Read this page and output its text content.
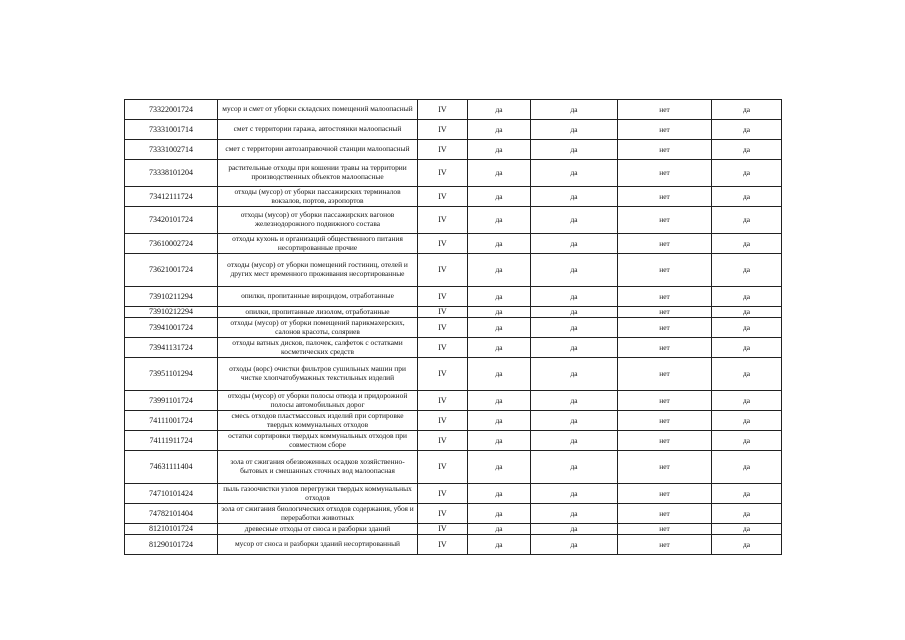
73322001724	мусор и смет от уборки складских помещений малоопасный	IV	да	да	нет	да
73331001714	смет с территории гаража, автостоянки малоопасный	IV	да	да	нет	да
73331002714	смет с территории автозаправочной станции малоопасный	IV	да	да	нет	да
73338101204	растительные отходы при кошении травы на территории производственных объектов малоопасные	IV	да	да	нет	да
73412111724	отходы (мусор) от уборки пассажирских терминалов вокзалов, портов, аэропортов	IV	да	да	нет	да
73420101724	отходы (мусор) от уборки пассажирских вагонов железнодорожного подвижного состава	IV	да	да	нет	да
73610002724	отходы кухонь и организаций общественного питания несортированные прочие	IV	да	да	нет	да
73621001724	отходы (мусор) от уборки помещений гостиниц, отелей и других мест временного проживания несортированные	IV	да	да	нет	да
73910211294	опилки, пропитанные вироцидом, отработанные	IV	да	да	нет	да
73910212294	опилки, пропитанные лизолом, отработанные	IV	да	да	нет	да
73941001724	отходы (мусор) от уборки помещений парикмахерских, салонов красоты, соляриев	IV	да	да	нет	да
73941131724	отходы ватных дисков, палочек, салфеток с остатками косметических средств	IV	да	да	нет	да
73951101294	отходы (ворс) очистки фильтров сушильных машин при чистке хлопчатобумажных текстильных изделий	IV	да	да	нет	да
73991101724	отходы (мусор) от уборки полосы отвода и придорожной полосы автомобильных дорог	IV	да	да	нет	да
74111001724	смесь отходов пластмассовых изделий при сортировке твердых коммунальных отходов	IV	да	да	нет	да
74111911724	остатки сортировки твердых коммунальных отходов при совместном сборе	IV	да	да	нет	да
74631111404	зола от сжигания обезвоженных осадков хозяйственно-бытовых и смешанных сточных вод малоопасная	IV	да	да	нет	да
74710101424	пыль газоочистки узлов перегрузки твердых коммунальных отходов	IV	да	да	нет	да
74782101404	зола от сжигания биологических отходов содержания, убоя и переработки животных	IV	да	да	нет	да
81210101724	древесные отходы от сноса и разборки зданий	IV	да	да	нет	да
81290101724	мусор от сноса и разборки зданий несортированный	IV	да	да	нет	да
